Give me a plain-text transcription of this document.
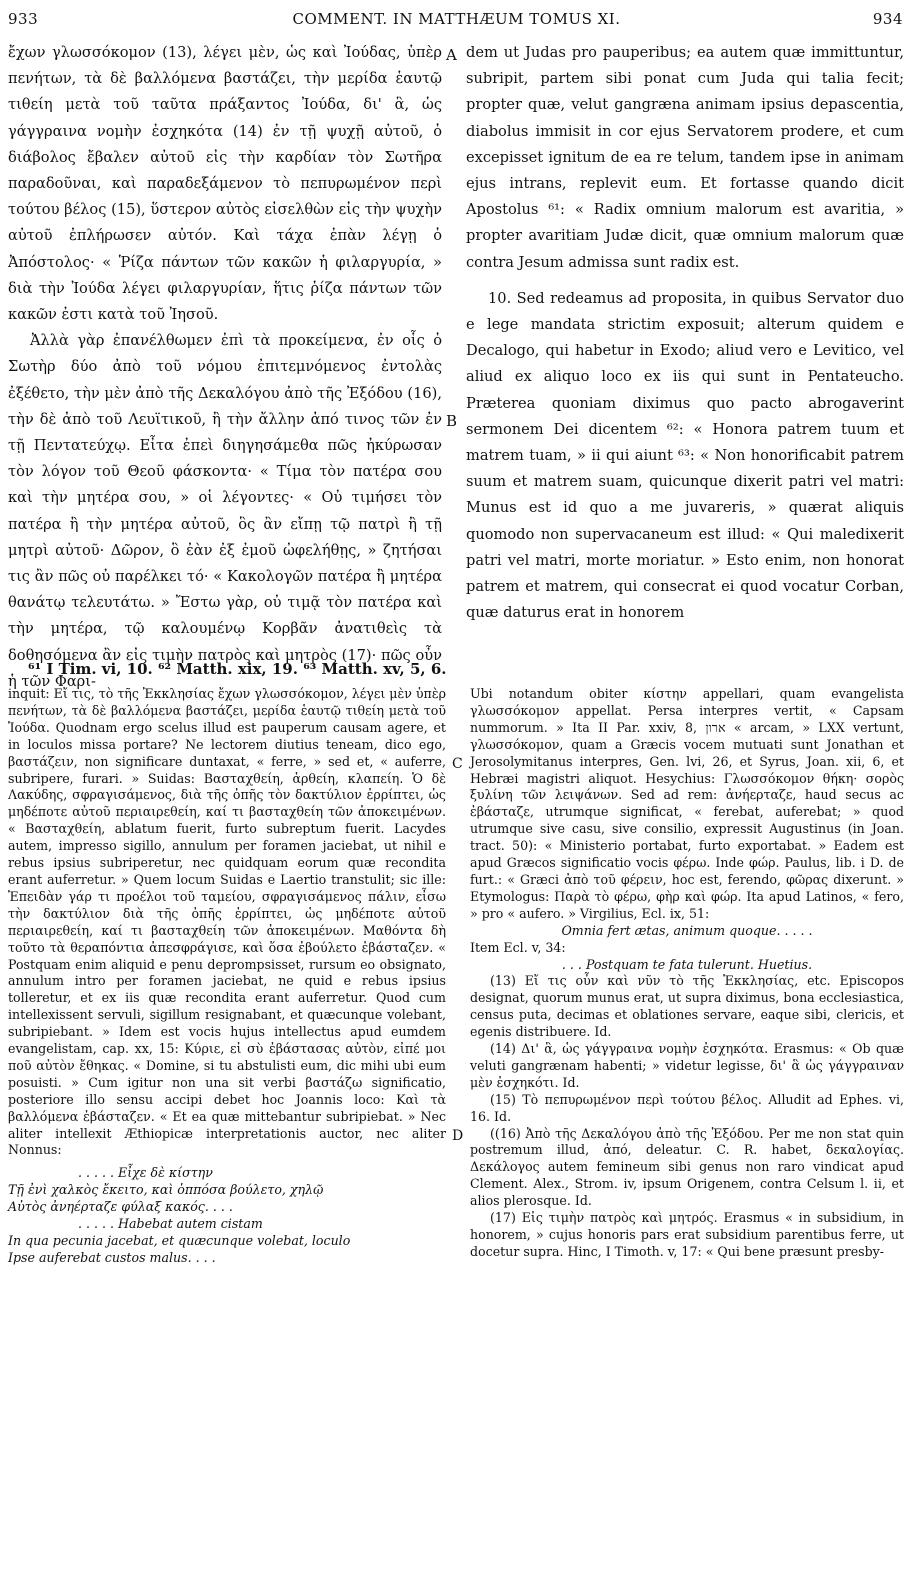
933	COMMENT. IN MATTHÆUM TOMUS XI.	934

ἔχων γλωσσόκομον (13), λέγει μὲν, ὡς καὶ Ἰούδας, ὑπὲρ πενήτων, τὰ δὲ βαλλόμενα βαστάζει, τὴν μερίδα ἑαυτῷ τιθείη μετὰ τοῦ ταῦτα πράξαντος Ἰούδα, δι' ἃ, ὡς γάγγραινα νομὴν ἐσχηκότα (14) ἐν τῇ ψυχῇ αὐτοῦ, ὁ διάβολος ἔβαλεν αὐτοῦ εἰς τὴν καρδίαν τὸν Σωτῆρα παραδοῦναι, καὶ παραδεξάμενον τὸ πεπυρωμένον περὶ τούτου βέλος (15), ὕστερον αὐτὸς εἰσελθὼν εἰς τὴν ψυχὴν αὐτοῦ ἐπλήρωσεν αὐτόν. Καὶ τάχα ἐπὰν λέγῃ ὁ Ἀπόστολος· « Ῥίζα πάντων τῶν κακῶν ἡ φιλαργυρία, » διὰ τὴν Ἰούδα λέγει φιλαργυρίαν, ἥτις ῥίζα πάντων τῶν κακῶν ἐστι κατὰ τοῦ Ἰησοῦ.

Ἀλλὰ γὰρ ἐπανέλθωμεν ἐπὶ τὰ προκείμενα, ἐν οἷς ὁ Σωτὴρ δύο ἀπὸ τοῦ νόμου ἐπιτεμνόμενος ἐντολὰς ἐξέθετο, τὴν μὲν ἀπὸ τῆς Δεκαλόγου ἀπὸ τῆς Ἐξόδου (16), τὴν δὲ ἀπὸ τοῦ Λευϊτικοῦ, ἢ τὴν ἄλλην ἀπό τινος τῶν ἐν τῇ Πεντατεύχῳ. Εἶτα ἐπεὶ διηγησάμεθα πῶς ἠκύρωσαν τὸν λόγον τοῦ Θεοῦ φάσκοντα· « Τίμα τὸν πατέρα σου καὶ τὴν μητέρα σου, » οἱ λέγοντες· « Οὐ τιμήσει τὸν πατέρα ἢ τὴν μητέρα αὐτοῦ, ὃς ἂν εἴπῃ τῷ πατρὶ ἢ τῇ μητρὶ αὐτοῦ· Δῶρον, ὃ ἐὰν ἐξ ἐμοῦ ὠφελήθῃς, » ζητήσαι τις ἂν πῶς οὐ παρέλκει τό· « Κακολογῶν πατέρα ἢ μητέρα θανάτῳ τελευτάτω. » Ἔστω γὰρ, οὐ τιμᾷ τὸν πατέρα καὶ τὴν μητέρα, τῷ καλουμένῳ Κορβᾶν ἀνατιθεὶς τὰ δοθησόμενα ἂν εἰς τιμὴν πατρὸς καὶ μητρὸς (17)· πῶς οὖν ἡ τῶν Φαρι-

A
B

dem ut Judas pro pauperibus; ea autem quæ immittuntur, subripit, partem sibi ponat cum Juda qui talia fecit; propter quæ, velut gangræna animam ipsius depascentia, diabolus immisit in cor ejus Servatorem prodere, et cum excepisset ignitum de ea re telum, tandem ipse in animam ejus intrans, replevit eum. Et fortasse quando dicit Apostolus ⁶¹: « Radix omnium malorum est avaritia, » propter avaritiam Judæ dicit, quæ omnium malorum quæ contra Jesum admissa sunt radix est.

10. Sed redeamus ad proposita, in quibus Servator duo e lege mandata strictim exposuit; alterum quidem e Decalogo, qui habetur in Exodo; aliud vero e Levitico, vel aliud ex aliquo loco ex iis qui sunt in Pentateucho. Præterea quoniam diximus quo pacto abrogaverint sermonem Dei dicentem ⁶²: « Honora patrem tuum et matrem tuam, » ii qui aiunt ⁶³: « Non honorificabit patrem suum et matrem suam, quicunque dixerit patri vel matri: Munus est id quo a me juvareris, » quærat aliquis quomodo non supervacaneum est illud: « Qui maledixerit patri vel matri, morte moriatur. » Esto enim, non honorat patrem et matrem, qui consecrat ei quod vocatur Corban, quæ daturus erat in honorem

⁶¹ I Tim. vi, 10. ⁶² Matth. xix, 19. ⁶³ Matth. xv, 5, 6.

inquit: Εἴ τις, τὸ τῆς Ἐκκλησίας ἔχων γλωσσόκομον, λέγει μὲν ὑπὲρ πενήτων, τὰ δὲ βαλλόμενα βαστάζει, μερίδα ἑαυτῷ τιθείη μετὰ τοῦ Ἰούδα. Quodnam ergo scelus illud est pauperum causam agere, et in loculos missa portare? Ne lectorem diutius teneam, dico ego, βαστάζειν, non significare duntaxat, « ferre, » sed et, « auferre, subripere, furari. » Suidas: Βασταχθείη, ἀρθείη, κλαπείη. Ὁ δὲ Λακύδης, σφραγισάμενος, διὰ τῆς ὀπῆς τὸν δακτύλιον ἐρρίπτει, ὡς μηδέποτε αὐτοῦ περιαιρεθείη, καί τι βασταχθείη τῶν ἀποκειμένων. « Βασταχθείη, ablatum fuerit, furto subreptum fuerit. Lacydes autem, impresso sigillo, annulum per foramen jaciebat, ut nihil e rebus ipsius subriperetur, nec quidquam eorum quæ recondita erant auferretur. » Quem locum Suidas e Laertio transtulit; sic ille: Ἐπειδὰν γάρ τι προέλοι τοῦ ταμείου, σφραγισάμενος πάλιν, εἶσω τὴν δακτύλιον διὰ τῆς ὀπῆς ἐρρίπτει, ὡς μηδέποτε αὐτοῦ περιαιρεθείη, καί τι βασταχθείη τῶν ἀποκειμένων. Μαθόντα δὴ τοῦτο τὰ θεραπόντια ἀπεσφράγισε, καὶ ὅσα ἐβούλετο ἐβάσταζεν. « Postquam enim aliquid e penu deprompsisset, rursum eo obsignato, annulum intro per foramen jaciebat, ne quid e rebus ipsius tolleretur, et ex iis quæ recondita erant auferretur. Quod cum intellexissent servuli, sigillum resignabant, et quæcunque volebant, subripiebant. » Idem est vocis hujus intellectus apud eumdem evangelistam, cap. xx, 15: Κύριε, εἰ σὺ ἐβάστασας αὐτὸν, εἰπέ μοι ποῦ αὐτὸν ἔθηκας. « Domine, si tu abstulisti eum, dic mihi ubi eum posuisti. » Cum igitur non una sit verbi βαστάζω significatio, posteriore illo sensu accipi debet hoc Joannis loco: Καὶ τὰ βαλλόμενα ἐβάσταζεν. « Et ea quæ mittebantur subripiebat. » Nec aliter intellexit Æthiopicæ interpretationis auctor, nec aliter Nonnus:

. . . . . Εἶχε δὲ κίστην

Τῇ ἐνὶ χαλκὸς ἔκειτο, καὶ ὁππόσα βούλετο, χηλῷ

Αὐτὸς ἀνηέρταζε φύλαξ κακός. . . .

. . . . . Habebat autem cistam

In qua pecunia jacebat, et quæcunque volebat, loculo

Ipse auferebat custos malus. . . .

C
D

Ubi notandum obiter κίστην appellari, quam evangelista γλωσσόκομον appellat. Persa interpres vertit, « Capsam nummorum. » Ita II Par. xxiv, 8, ארון « arcam, » LXX vertunt, γλωσσόκομον, quam a Græcis vocem mutuati sunt Jonathan et Jerosolymitanus interpres, Gen. lvi, 26, et Syrus, Joan. xii, 6, et Hebræi magistri aliquot. Hesychius: Γλωσσόκομον θήκη· σορὸς ξυλίνη τῶν λειψάνων. Sed ad rem: ἀνήερταζε, haud secus ac ἐβάσταζε, utrumque significat, « ferebat, auferebat; » quod utrumque sive casu, sive consilio, expressit Augustinus (in Joan. tract. 50): « Ministerio portabat, furto exportabat. » Eadem est apud Græcos significatio vocis φέρω. Inde φώρ. Paulus, lib. i D. de furt.: « Græci ἀπὸ τοῦ φέρειν, hoc est, ferendo, φῶρας dixerunt. » Etymologus: Παρὰ τὸ φέρω, φὴρ καὶ φώρ. Ita apud Latinos, « fero, » pro « aufero. » Virgilius, Ecl. ix, 51:

Omnia fert ætas, animum quoque. . . . .

Item Ecl. v, 34:

. . . Postquam te fata tulerunt. Huetius.

(13) Εἴ τις οὖν καὶ νῦν τὸ τῆς Ἐκκλησίας, etc. Episcopos designat, quorum munus erat, ut supra diximus, bona ecclesiastica, census puta, decimas et oblationes servare, eaque sibi, clericis, et egenis distribuere. Id.

(14) Δι' ἃ, ὡς γάγγραινα νομὴν ἐσχηκότα. Erasmus: « Ob quæ veluti gangrænam habenti; » videtur legisse, δι' ἃ ὡς γάγγραιναν μὲν ἐσχηκότι. Id.

(15) Τὸ πεπυρωμένον περὶ τούτου βέλος. Alludit ad Ephes. vi, 16. Id.

((16) Ἀπὸ τῆς Δεκαλόγου ἀπὸ τῆς Ἐξόδου. Per me non stat quin postremum illud, ἀπό, deleatur. C. R. habet, δεκαλογίας. Δεκάλογος autem femineum sibi genus non raro vindicat apud Clement. Alex., Strom. iv, ipsum Origenem, contra Celsum l. ii, et alios plerosque. Id.

(17) Εἰς τιμὴν πατρὸς καὶ μητρός. Erasmus « in subsidium, in honorem, » cujus honoris pars erat subsidium parentibus ferre, ut docetur supra. Hinc, I Timoth. v, 17: « Qui bene præsunt presby-
